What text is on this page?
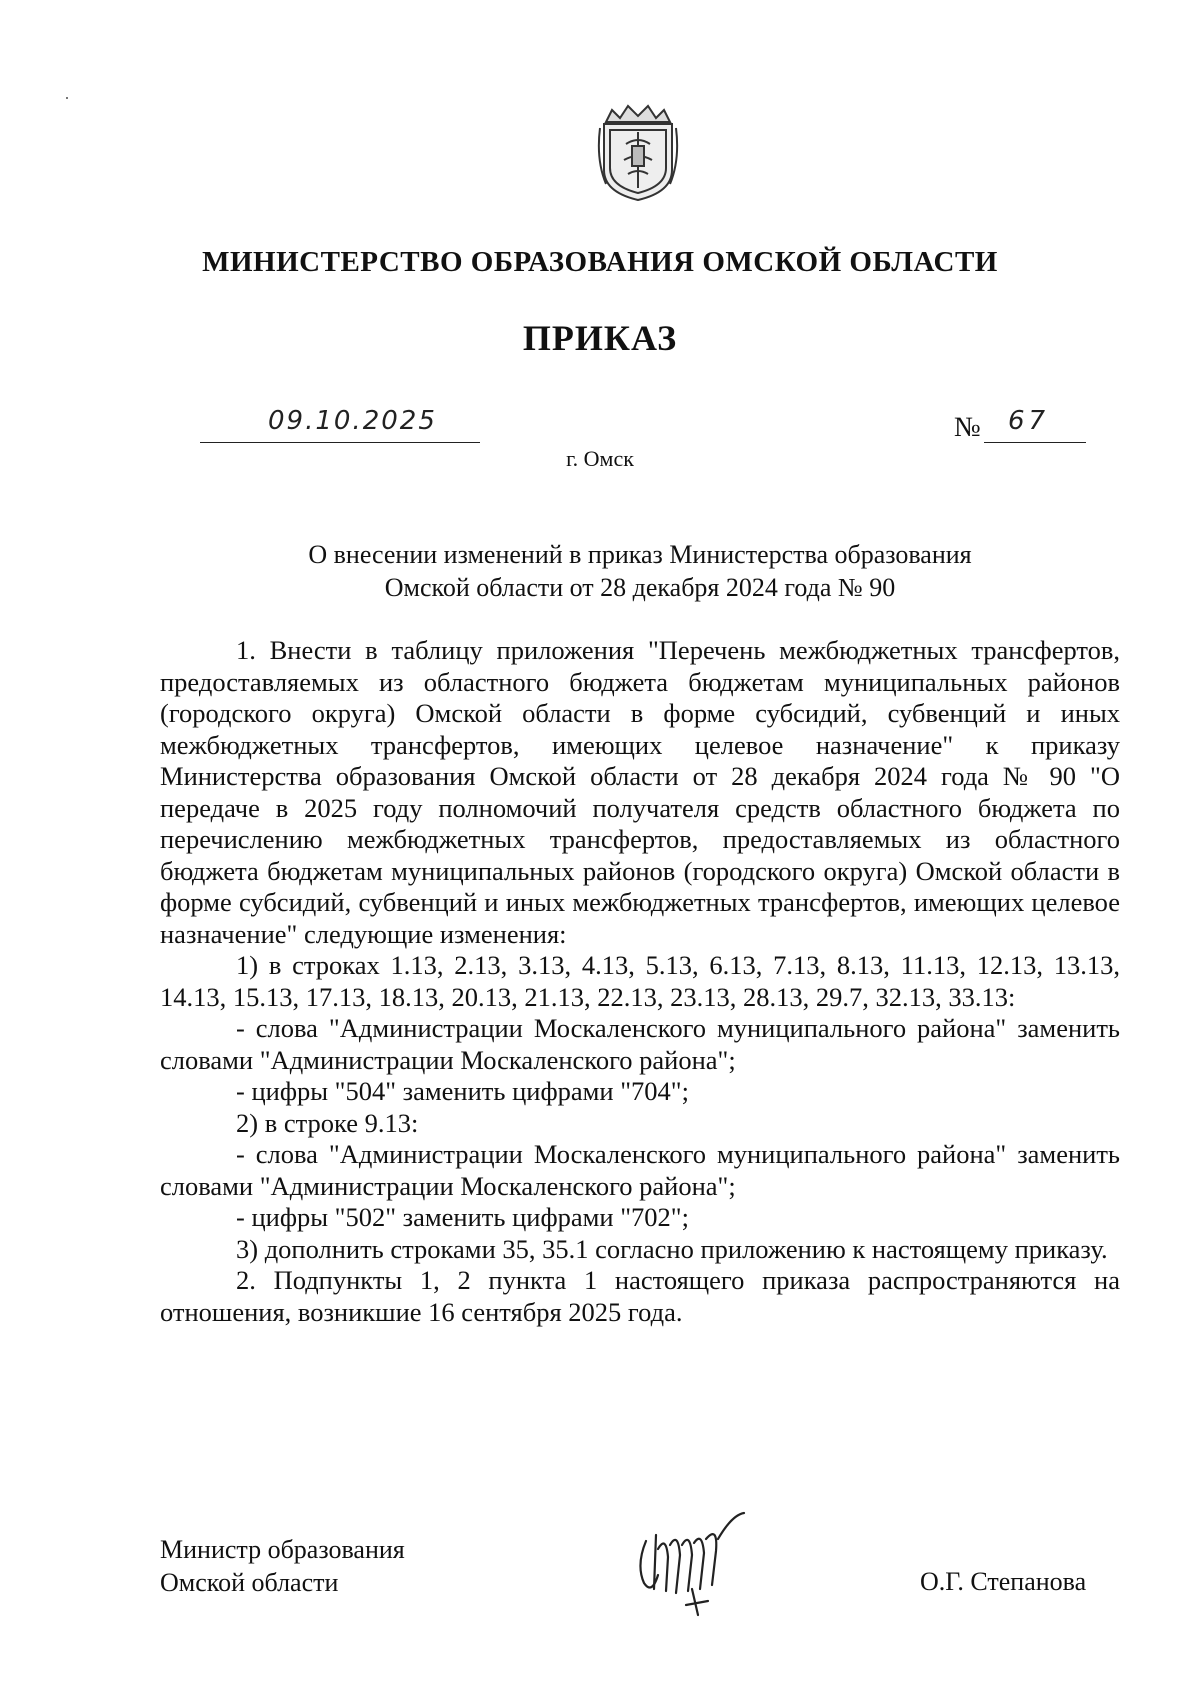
МИНИСТЕРСТВО ОБРАЗОВАНИЯ ОМСКОЙ ОБЛАСТИ
ПРИКАЗ
09.10.2025	№ 67
г. Омск
О внесении изменений в приказ Министерства образования
Омской области от 28 декабря 2024 года № 90

1. Внести в таблицу приложения "Перечень межбюджетных трансфертов, предоставляемых из областного бюджета бюджетам муниципальных районов (городского округа) Омской области в форме субсидий, субвенций и иных межбюджетных трансфертов, имеющих целевое назначение" к приказу Министерства образования Омской области от 28 декабря 2024 года № 90 "О передаче в 2025 году полномочий получателя средств областного бюджета по перечислению межбюджетных трансфертов, предоставляемых из областного бюджета бюджетам муниципальных районов (городского округа) Омской области в форме субсидий, субвенций и иных межбюджетных трансфертов, имеющих целевое назначение" следующие изменения:

1) в строках 1.13, 2.13, 3.13, 4.13, 5.13, 6.13, 7.13, 8.13, 11.13, 12.13, 13.13, 14.13, 15.13, 17.13, 18.13, 20.13, 21.13, 22.13, 23.13, 28.13, 29.7, 32.13, 33.13:

- слова "Администрации Москаленского муниципального района" заменить словами "Администрации Москаленского района";

- цифры "504" заменить цифрами "704";

2) в строке 9.13:

- слова "Администрации Москаленского муниципального района" заменить словами "Администрации Москаленского района";

- цифры "502" заменить цифрами "702";

3) дополнить строками 35, 35.1 согласно приложению к настоящему приказу.

2. Подпункты 1, 2 пункта 1 настоящего приказа распространяются на отношения, возникшие 16 сентября 2025 года.

Министр образования
Омской области	О.Г. Степанова
